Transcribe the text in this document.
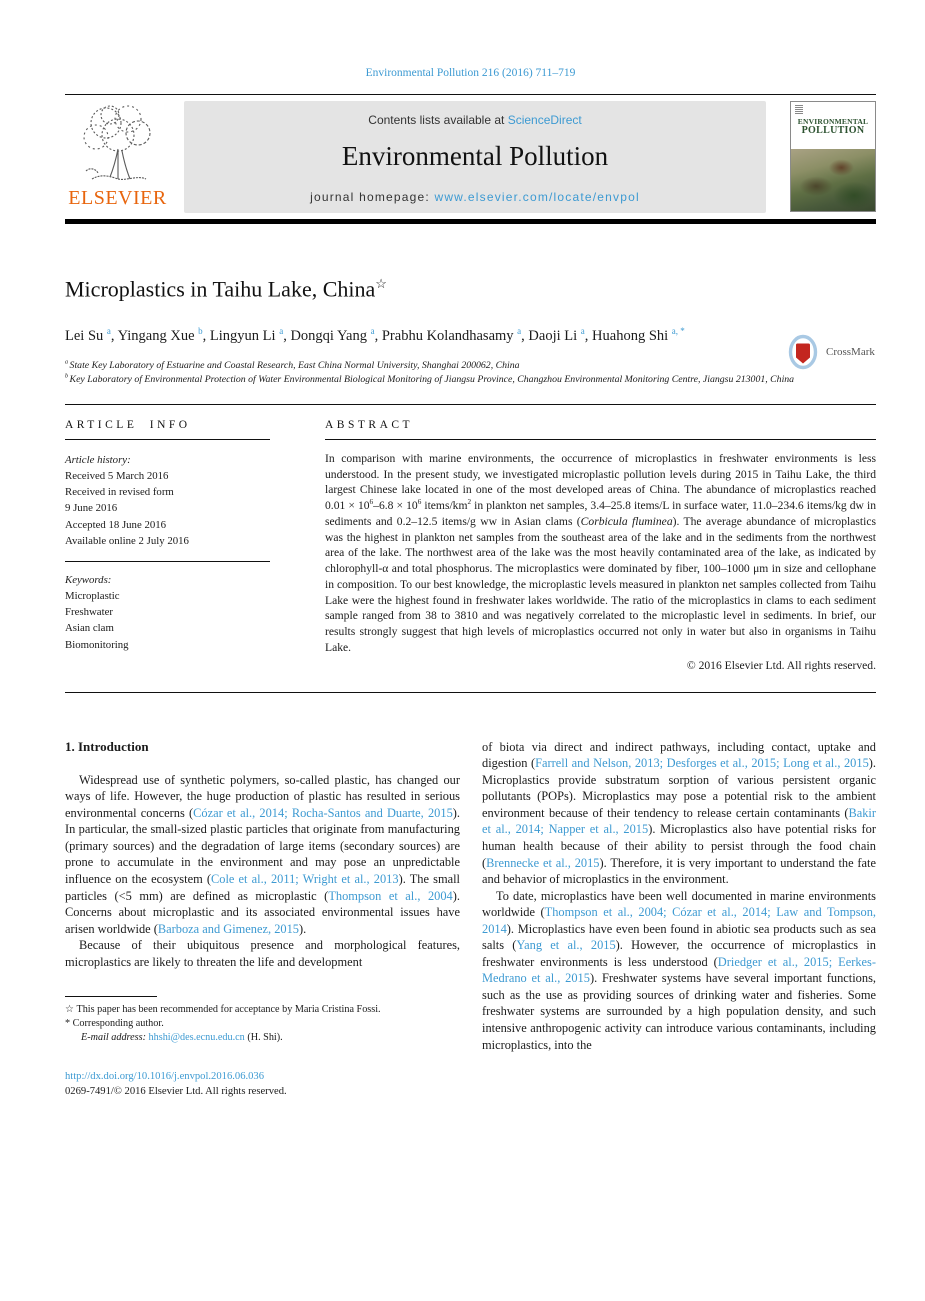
Environmental Pollution 216 (2016) 711–719
ELSEVIER
Contents lists available at ScienceDirect
Environmental Pollution
journal homepage: www.elsevier.com/locate/envpol
ENVIRONMENTAL
POLLUTION
Microplastics in Taihu Lake, China☆
CrossMark
Lei Su $^a$, Yingang Xue $^b$, Lingyun Li $^a$, Dongqi Yang $^a$, Prabhu Kolandhasamy $^a$, Daoji Li $^a$, Huahong Shi $^{a, *}$
$^a$ State Key Laboratory of Estuarine and Coastal Research, East China Normal University, Shanghai 200062, China
$^b$ Key Laboratory of Environmental Protection of Water Environmental Biological Monitoring of Jiangsu Province, Changzhou Environmental Monitoring Centre, Jiangsu 213001, China
ARTICLE INFO
Article history:
Received 5 March 2016
Received in revised form
9 June 2016
Accepted 18 June 2016
Available online 2 July 2016
Keywords:
Microplastic
Freshwater
Asian clam
Biomonitoring
ABSTRACT
In comparison with marine environments, the occurrence of microplastics in freshwater environments is less understood. In the present study, we investigated microplastic pollution levels during 2015 in Taihu Lake, the third largest Chinese lake located in one of the most developed areas of China. The abundance of microplastics reached $0.01 \times 10^6-6.8 \times 10^6$ items/$km^2$ in plankton net samples, 3.4–25.8 items/L in surface water, 11.0–234.6 items/kg dw in sediments and 0.2–12.5 items/g ww in Asian clams (Corbicula fluminea). The average abundance of microplastics was the highest in plankton net samples from the southeast area of the lake and in the sediments from the northwest area of the lake. The northwest area of the lake was the most heavily contaminated area of the lake, as indicated by chlorophyll-α and total phosphorus. The microplastics were dominated by fiber, 100–1000 μm in size and cellophane in composition. To our best knowledge, the microplastic levels measured in plankton net samples collected from Taihu Lake were the highest found in freshwater lakes worldwide. The ratio of the microplastics in clams to each sediment sample ranged from 38 to 3810 and was negatively correlated to the microplastic level in sediments. In brief, our results strongly suggest that high levels of microplastics occurred not only in water but also in organisms in Taihu Lake.
© 2016 Elsevier Ltd. All rights reserved.
1. Introduction

Widespread use of synthetic polymers, so-called plastic, has changed our ways of life. However, the huge production of plastic has resulted in serious environmental concerns (Cózar et al., 2014; Rocha-Santos and Duarte, 2015). In particular, the small-sized plastic particles that originate from manufacturing (primary sources) and the degradation of large items (secondary sources) are prone to accumulate in the environment and may pose an unpredictable influence on the ecosystem (Cole et al., 2011; Wright et al., 2013). The small particles (<5 mm) are defined as microplastic (Thompson et al., 2004). Concerns about microplastic and its associated environmental issues have arisen worldwide (Barboza and Gimenez, 2015).

Because of their ubiquitous presence and morphological features, microplastics are likely to threaten the life and development

☆ This paper has been recommended for acceptance by Maria Cristina Fossi.
* Corresponding author.
E-mail address: hhshi@des.ecnu.edu.cn (H. Shi).

of biota via direct and indirect pathways, including contact, uptake and digestion (Farrell and Nelson, 2013; Desforges et al., 2015; Long et al., 2015). Microplastics provide substratum sorption of various persistent organic pollutants (POPs). Microplastics may pose a potential risk to the ambient environment because of their tendency to release certain contaminants (Bakir et al., 2014; Napper et al., 2015). Microplastics also have potential risks for human health because of their ability to persist through the food chain (Brennecke et al., 2015). Therefore, it is very important to understand the fate and behavior of microplastics in the environment.

To date, microplastics have been well documented in marine environments worldwide (Thompson et al., 2004; Cózar et al., 2014; Law and Tompson, 2014). Microplastics have even been found in abiotic sea products such as sea salts (Yang et al., 2015). However, the occurrence of microplastics in freshwater environments is less understood (Driedger et al., 2015; Eerkes-Medrano et al., 2015). Freshwater systems have several important functions, such as the use as providing sources of drinking water and fisheries. Some freshwater systems are surrounded by a high population density, and such intensive anthropogenic activity can introduce various contaminants, including microplastics, into the

http://dx.doi.org/10.1016/j.envpol.2016.06.036
0269-7491/© 2016 Elsevier Ltd. All rights reserved.
